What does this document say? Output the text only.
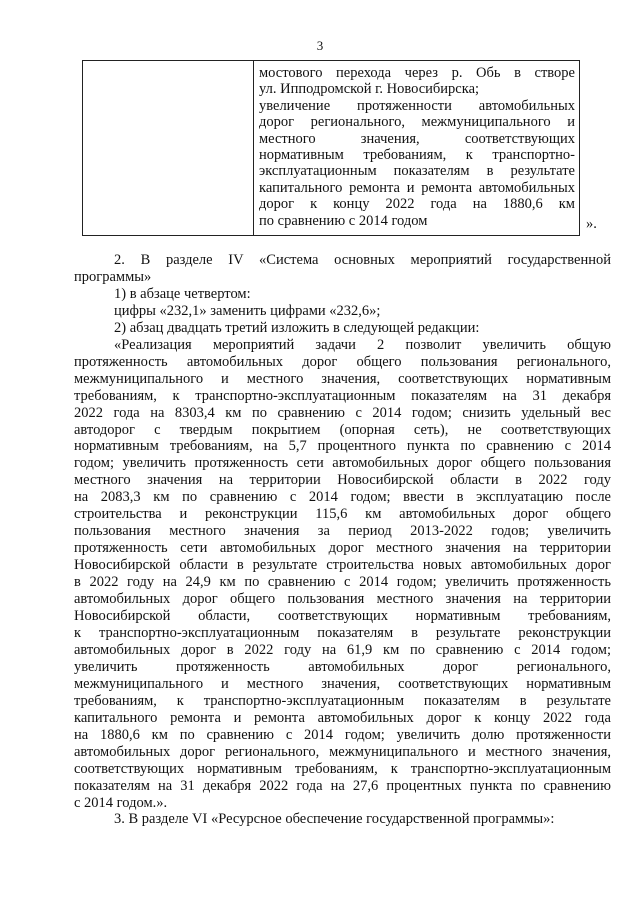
3
мостового перехода через р. Обь в створе
ул. Ипподромской г. Новосибирска;
увеличение протяженности автомобильных
дорог регионального, межмуниципального и
местного значения, соответствующих
нормативным требованиям, к транспортно-
эксплуатационным показателям в результате
капитального ремонта и ремонта автомобильных
дорог к концу 2022 года на 1880,6 км
по сравнению с 2014 годом	».
2. В разделе IV «Система основных мероприятий государственной
программы»
1) в абзаце четвертом:
цифры «232,1» заменить цифрами «232,6»;
2) абзац двадцать третий изложить в следующей редакции:
«Реализация мероприятий задачи 2 позволит увеличить общую
протяженность автомобильных дорог общего пользования регионального,
межмуниципального и местного значения, соответствующих нормативным
требованиям, к транспортно-эксплуатационным показателям на 31 декабря
2022 года на 8303,4 км по сравнению с 2014 годом; снизить удельный вес
автодорог с твердым покрытием (опорная сеть), не соответствующих
нормативным требованиям, на 5,7 процентного пункта по сравнению с 2014
годом; увеличить протяженность сети автомобильных дорог общего пользования
местного значения на территории Новосибирской области в 2022 году
на 2083,3 км по сравнению с 2014 годом; ввести в эксплуатацию после
строительства и реконструкции 115,6 км автомобильных дорог общего
пользования местного значения за период 2013-2022 годов; увеличить
протяженность сети автомобильных дорог местного значения на территории
Новосибирской области в результате строительства новых автомобильных дорог
в 2022 году на 24,9 км по сравнению с 2014 годом; увеличить протяженность
автомобильных дорог общего пользования местного значения на территории
Новосибирской области, соответствующих нормативным требованиям,
к транспортно-эксплуатационным показателям в результате реконструкции
автомобильных дорог в 2022 году на 61,9 км по сравнению с 2014 годом;
увеличить протяженность автомобильных дорог регионального,
межмуниципального и местного значения, соответствующих нормативным
требованиям, к транспортно-эксплуатационным показателям в результате
капитального ремонта и ремонта автомобильных дорог к концу 2022 года
на 1880,6 км по сравнению с 2014 годом; увеличить долю протяженности
автомобильных дорог регионального, межмуниципального и местного значения,
соответствующих нормативным требованиям, к транспортно-эксплуатационным
показателям на 31 декабря 2022 года на 27,6 процентных пункта по сравнению
с 2014 годом.».
3. В разделе VI «Ресурсное обеспечение государственной программы»:
